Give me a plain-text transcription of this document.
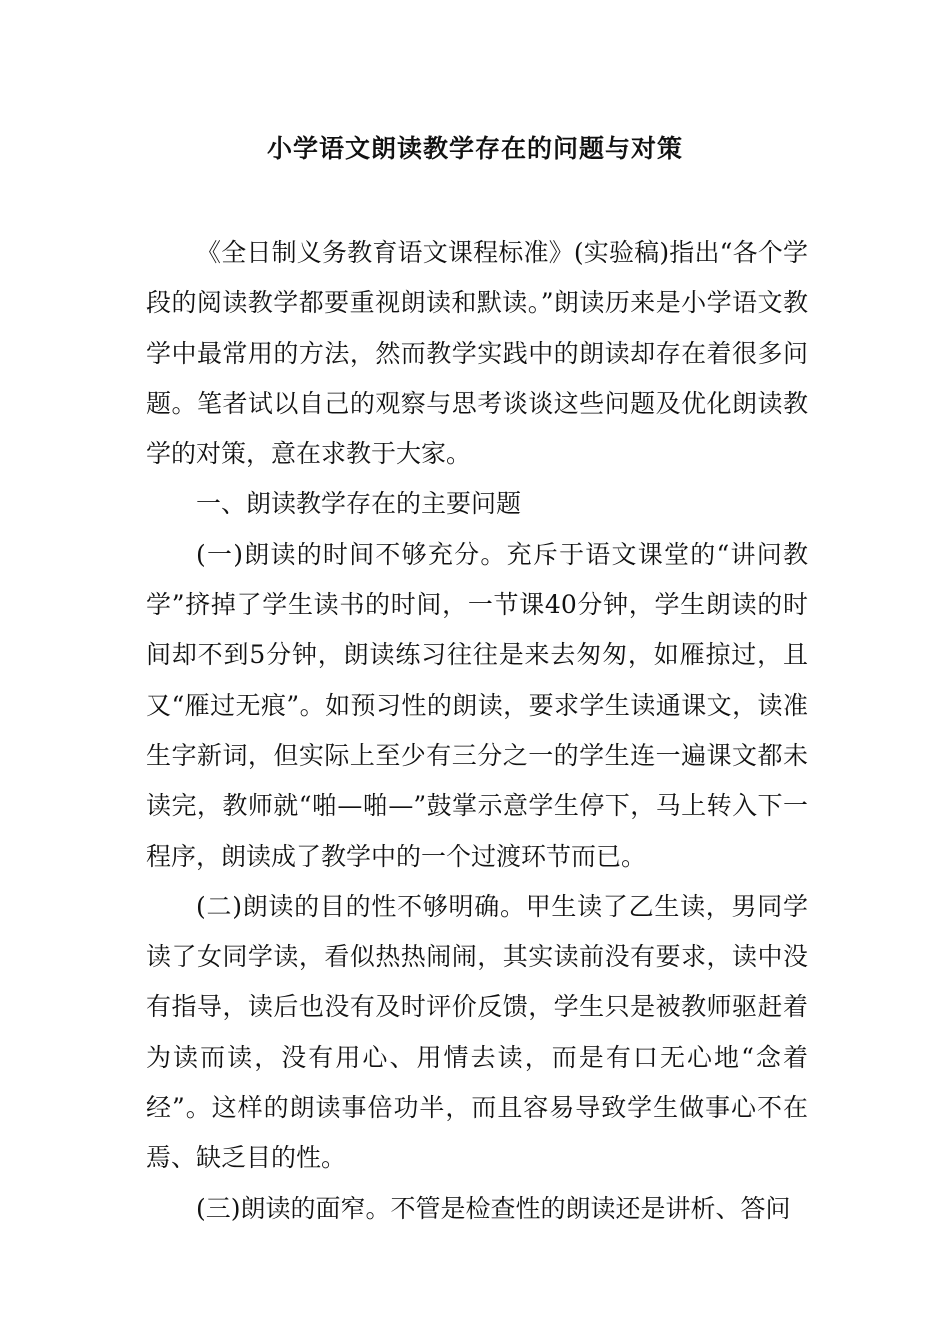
小学语文朗读教学存在的问题与对策

《全日制义务教育语文课程标准》(实验稿)指出“各个学段的阅读教学都要重视朗读和默读。”朗读历来是小学语文教学中最常用的方法，然而教学实践中的朗读却存在着很多问题。笔者试以自己的观察与思考谈谈这些问题及优化朗读教学的对策，意在求教于大家。

一、朗读教学存在的主要问题

(一)朗读的时间不够充分。充斥于语文课堂的“讲问教学”挤掉了学生读书的时间，一节课40分钟，学生朗读的时间却不到5分钟，朗读练习往往是来去匆匆，如雁掠过，且又“雁过无痕”。如预习性的朗读，要求学生读通课文，读准生字新词，但实际上至少有三分之一的学生连一遍课文都未读完，教师就“啪—啪—”鼓掌示意学生停下，马上转入下一程序，朗读成了教学中的一个过渡环节而已。

(二)朗读的目的性不够明确。甲生读了乙生读，男同学读了女同学读，看似热热闹闹，其实读前没有要求，读中没有指导，读后也没有及时评价反馈，学生只是被教师驱赶着为读而读，没有用心、用情去读，而是有口无心地“念着经”。这样的朗读事倍功半，而且容易导致学生做事心不在焉、缺乏目的性。

(三)朗读的面窄。不管是检查性的朗读还是讲析、答问
